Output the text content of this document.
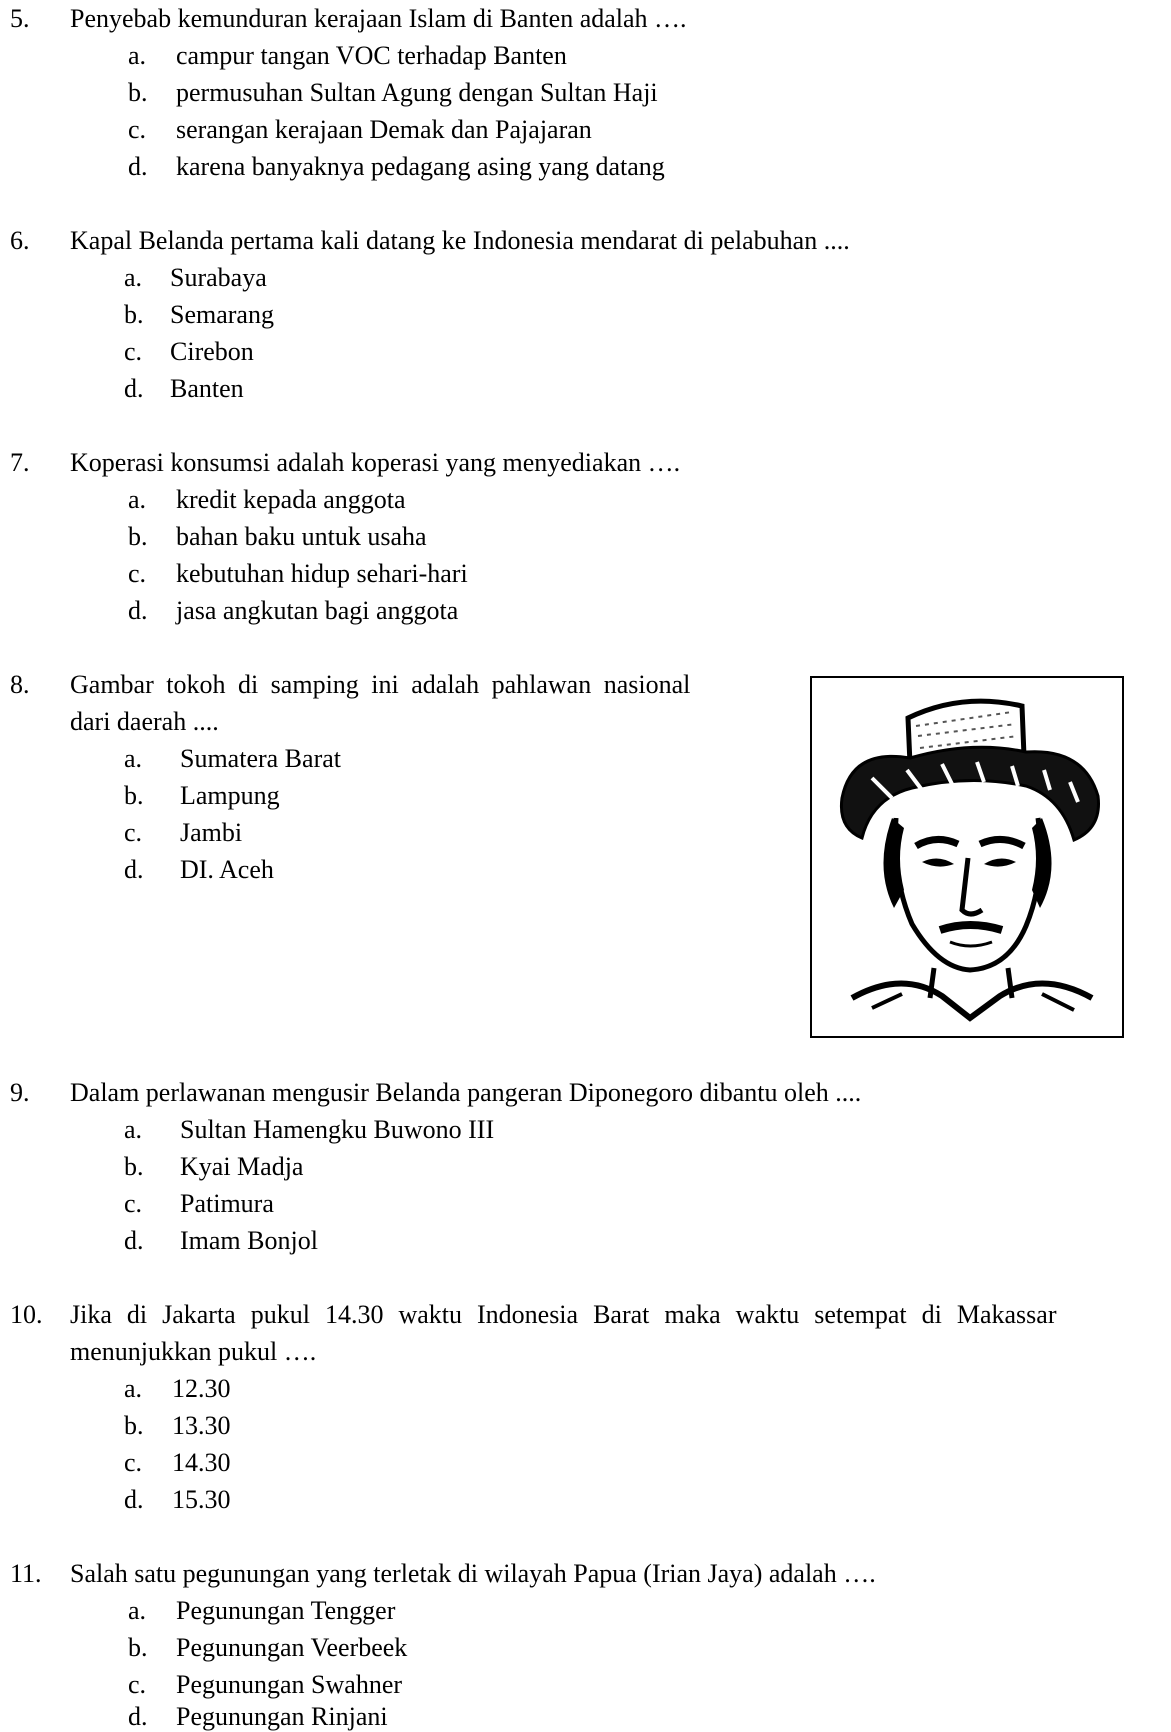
5. Penyebab kemunduran kerajaan Islam di Banten adalah ….
a. campur tangan VOC terhadap Banten
b. permusuhan Sultan Agung dengan Sultan Haji
c. serangan kerajaan Demak dan Pajajaran
d. karena banyaknya pedagang asing yang datang
6. Kapal Belanda pertama kali datang ke Indonesia mendarat di pelabuhan ....
a. Surabaya
b. Semarang
c. Cirebon
d. Banten
7. Koperasi konsumsi adalah koperasi yang menyediakan ….
a. kredit kepada anggota
b. bahan baku untuk usaha
c. kebutuhan hidup sehari-hari
d. jasa angkutan bagi anggota
8. Gambar tokoh di samping ini adalah pahlawan nasional
dari daerah ....
a. Sumatera Barat
b. Lampung
c. Jambi
d. DI. Aceh
9. Dalam perlawanan mengusir Belanda pangeran Diponegoro dibantu oleh ....
a. Sultan Hamengku Buwono III
b. Kyai Madja
c. Patimura
d. Imam Bonjol
10. Jika di Jakarta pukul 14.30 waktu Indonesia Barat maka waktu setempat di Makassar
menunjukkan pukul ….
a. 12.30
b. 13.30
c. 14.30
d. 15.30
11. Salah satu pegunungan yang terletak di wilayah Papua (Irian Jaya) adalah ….
a. Pegunungan Tengger
b. Pegunungan Veerbeek
c. Pegunungan Swahner
d. Pegunungan Rinjani
